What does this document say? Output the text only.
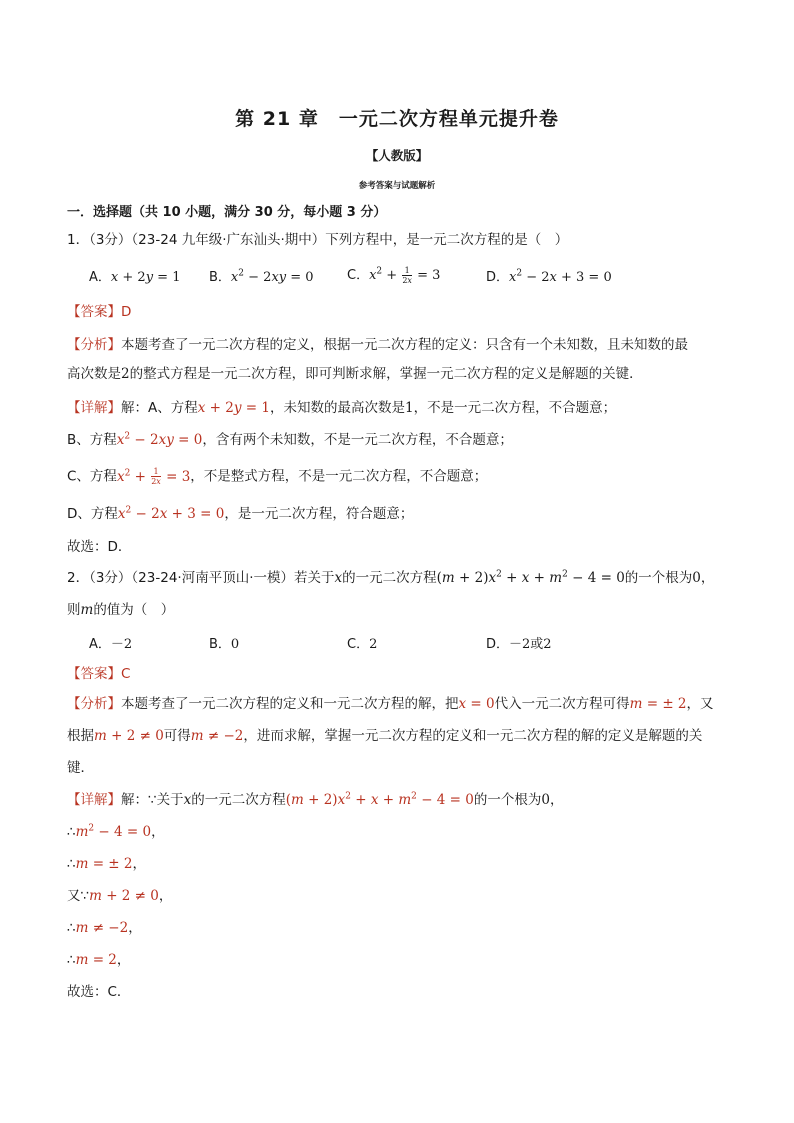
第 21 章　一元二次方程单元提升卷
【人教版】
参考答案与试题解析
一．选择题（共 10 小题，满分 30 分，每小题 3 分）
1．（3分）（23-24 九年级·广东汕头·期中）下列方程中，是一元二次方程的是（　）
A．x + 2y = 1 B．$x^2 - 2xy = 0$	C．$x^2 + \frac{1}{2x} = 3$	D．$x^2 - 2x + 3 = 0$
【答案】D
【分析】本题考查了一元二次方程的定义，根据一元二次方程的定义：只含有一个未知数，且未知数的最
高次数是2的整式方程是一元二次方程，即可判断求解，掌握一元二次方程的定义是解题的关键．
【详解】解：A、方程x + 2y = 1，未知数的最高次数是1，不是一元二次方程，不合题意；
B、方程$x^2 - 2xy = 0$，含有两个未知数，不是一元二次方程，不合题意；
C、方程$x^2 + \frac{1}{2x} = 3$，不是整式方程，不是一元二次方程，不合题意；
D、方程$x^2 - 2x + 3 = 0$，是一元二次方程，符合题意；
故选：D．
2．（3分）（23-24·河南平顶山·一模）若关于x的一元二次方程$(m + 2)x^2 + x + m^2 - 4 = 0$的一个根为0，
则m的值为（　）
A．－2	B．0	C．2	D．－2或2
【答案】C
【分析】本题考查了一元二次方程的定义和一元二次方程的解，把x = 0代入一元二次方程可得m = ± 2，又
根据m + 2 ≠ 0可得m ≠ −2，进而求解，掌握一元二次方程的定义和一元二次方程的解的定义是解题的关
键．
【详解】解：∵关于x的一元二次方程$(m + 2)x^2 + x + m^2 - 4 = 0$的一个根为0，
$\therefore m^2 - 4 = 0$，
∴m = ± 2，
又∵m + 2 ≠ 0，
∴m ≠ −2，
∴m = 2，
故选：C．
